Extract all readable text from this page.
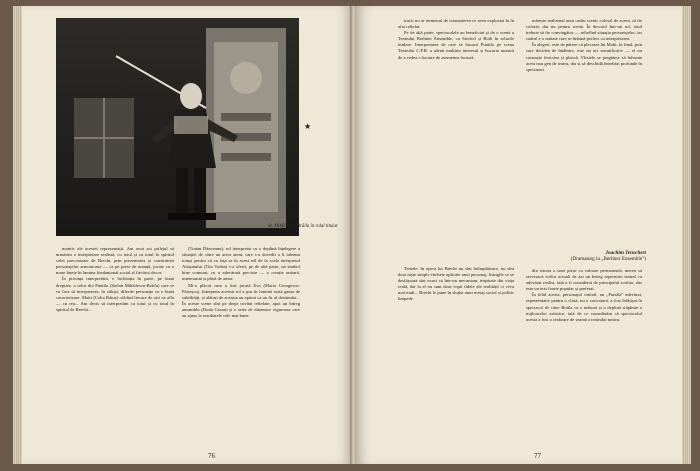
St. Mihăilescu-Brăila în rolul titular

montic ale acestei reprezentații. Am avut aci prilejul să urmărim o interpretare realistă, cu totul și cu totul în spiritul celei preconizate de Brecht, prin prezentarea și construirea personajelor armonioase — ca pe piese de nuanță, jucate cu o mare finețe în lumina fondanțonal social al fiecărui decor.

În privința interpretării, e înclinația în parte, pe bună dreptate, a celor doi Puntila (Ștefan Mihăilescu-Brăila) care se va face să interpreteze, în sfârșit, diferite personaje cu o bună caracterizare. Matti (Coka Rătuș) călcînd fiecare de aici se afla — cu rea... Am decis să interpretăm cu totul și cu totul în spiritul de Brecht...

(Traian Dănceanu), rol interpretat cu o deplină înțelegere a situației de către un actor atent, care s-a dovedit a fi talentat totuși pentru că cu fața sa în acest stil de la acela interpretul Attașatului (Tita Vodea) s-a oferit, pe de altă parte, un simbol bine conturat, cu o adevărată precizie — o creație unitară, interesantă și plină de amor.

Mi-a plăcut cum a fost jucată Eva (Maria Georgescu-Pătrașcu). Interpreta acestui rol a pus în lumină toată gama de subtilități, și alături de aceasta au apărut ca un fir al destinului... În aceste scene sînt pe drept cuvânt reliefate, apoi un întreg ansamblu (Doda Cazan) și o serie de dinamice viguroase care au ajuns la rezultatele cele mai bune.

★
76

trucii nu ar termenul de cunoașterea ce avea exploatat în în afar reliefat.

Pe de altă parte, spectacolele au beneficiat și de o scenă a Teatrului Berliner Ensemble, cu Steckel și Both în rolurile titulare. Interpretarea de care se bucură Puntila pe scena Teatrului C.F.R. a stîrnit mulțimi interesul și bucuria noastră de a vedea o lucrare de asemenea factură.

Temele: în opera lui Brecht nu sînt întîmplătoare, nu sînt doar niște simple etichete aplicate unui personaj. Intrigile ce se desfășoară sînt exact ca într-un mecanism, inspirate din viața reală, dar la el nu sunt doar copii fidele ale realității ci ceva mai mult... Brecht le pune în slujba unui mesaj social și politic limpede.

mărește realismul unui cadru scenic colosal de aceea, să fie colorat, dar nu pentru scenă. În decorul Intr-un rol, totul trebuie să fie convingător — reliefînd situația personajelor, iar cadrul e o unitate care se îmbină perfect cu interpretarea.

În alegeri, este de părere că plecarea lui Matti, în final, prin care decidea de întâlnire, este un act semnificativ — el nu cunoaște fericirea și pleacă. Vîrstele se pregătesc să înfrunte acest nou gen de teatru, dar și să deschidă întrebări profunde în spectatori.

Joachim Tenschert
(Dramaturg la „Berliner Ensemble")

din istoria a unei piese cu valoare permanentă, mereu să servească scelor actuali de azi un întreg repertoriu teatral cu adevărat realist, față a fi considerat de principalul scriitor, dar este un text foarte popular și preferat.

În felul acesta, personajul central, un „Puntila" adevărat, reprezentativ pentru o clasă, nu o caricatură, a fost înfățișat în spectacol de către Brăila cu o măsură și o deplină stăpînire a mijloacelor artistice; iată de ce considerăm că spectacolul acesta a fost o realizare de seamă a teatrului nostru.

77
